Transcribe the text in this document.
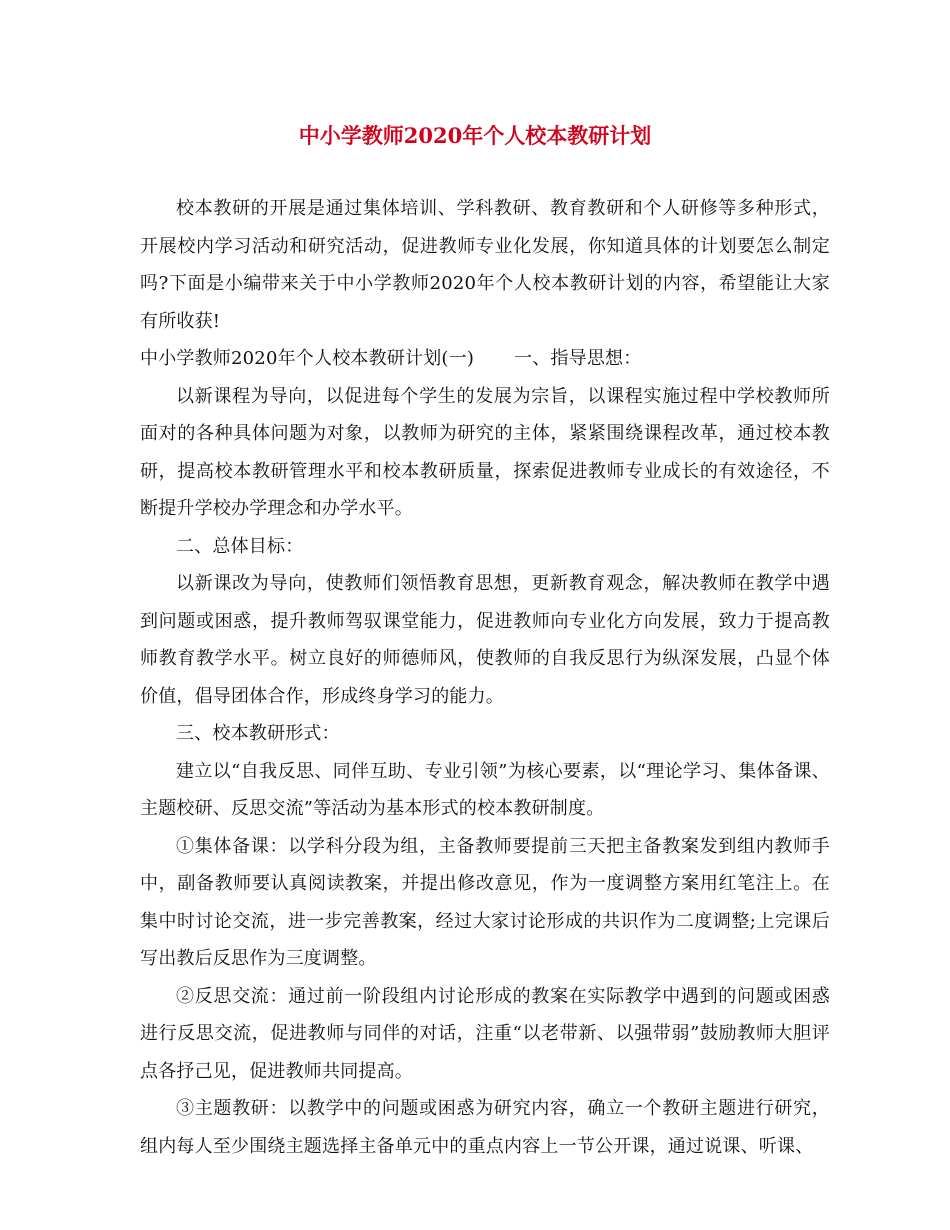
中小学教师2020年个人校本教研计划

校本教研的开展是通过集体培训、学科教研、教育教研和个人研修等多种形式，开展校内学习活动和研究活动，促进教师专业化发展，你知道具体的计划要怎么制定吗?下面是小编带来关于中小学教师2020年个人校本教研计划的内容，希望能让大家有所收获!

中小学教师2020年个人校本教研计划(一) 一、指导思想：

以新课程为导向，以促进每个学生的发展为宗旨，以课程实施过程中学校教师所面对的各种具体问题为对象，以教师为研究的主体，紧紧围绕课程改革，通过校本教研，提高校本教研管理水平和校本教研质量，探索促进教师专业成长的有效途径，不断提升学校办学理念和办学水平。

二、总体目标：

以新课改为导向，使教师们领悟教育思想，更新教育观念，解决教师在教学中遇到问题或困惑，提升教师驾驭课堂能力，促进教师向专业化方向发展，致力于提高教师教育教学水平。树立良好的师德师风，使教师的自我反思行为纵深发展，凸显个体价值，倡导团体合作，形成终身学习的能力。

三、校本教研形式：

建立以“自我反思、同伴互助、专业引领”为核心要素，以“理论学习、集体备课、主题校研、反思交流”等活动为基本形式的校本教研制度。

①集体备课：以学科分段为组，主备教师要提前三天把主备教案发到组内教师手中，副备教师要认真阅读教案，并提出修改意见，作为一度调整方案用红笔注上。在集中时讨论交流，进一步完善教案，经过大家讨论形成的共识作为二度调整;上完课后写出教后反思作为三度调整。

②反思交流：通过前一阶段组内讨论形成的教案在实际教学中遇到的问题或困惑进行反思交流，促进教师与同伴的对话，注重“以老带新、以强带弱”鼓励教师大胆评点各抒己见，促进教师共同提高。

③主题教研：以教学中的问题或困惑为研究内容，确立一个教研主题进行研究，组内每人至少围绕主题选择主备单元中的重点内容上一节公开课，通过说课、听课、
